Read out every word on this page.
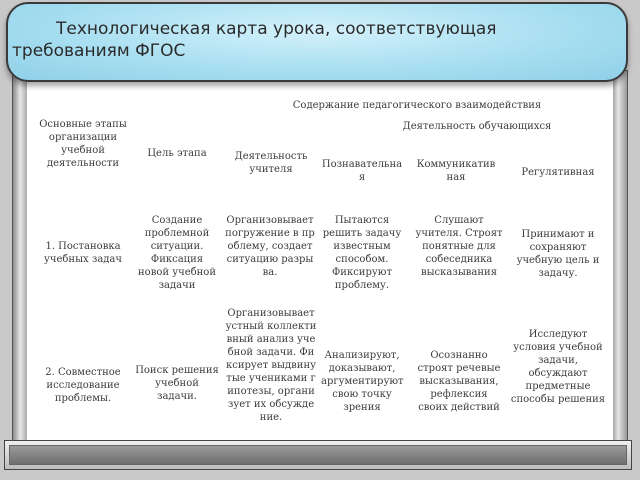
Технологическая карта урока, соответствующая требованиям ФГОС

Основные этапы организации учебной деятельности
Цель этапа
Содержание педагогического взаимодействия
Деятельность учителя
Деятельность обучающихся
Познавательная
Коммуникативная	Регулятивная
1. Постановка учебных задач
Создание проблемной ситуации. Фиксация новой учебной задачи
Организовывает погружение в проблему, создает ситуацию разрыва.
Пытаются решить задачу известным способом. Фиксируют проблему.
Слушают учителя. Строят понятные для собеседника высказывания
Принимают и сохраняют учебную цель и задачу.
2. Совместное исследование проблемы.
Поиск решения учебной задачи.
Организовывает устный коллективный анализ учебной задачи. Фиксирует выдвинутые учениками гипотезы, организует их обсуждение.
Анализируют, доказывают, аргументируют свою точку зрения
Осознанно строят речевые высказывания, рефлексия своих действий
Исследуют условия учебной задачи, обсуждают предметные способы решения
